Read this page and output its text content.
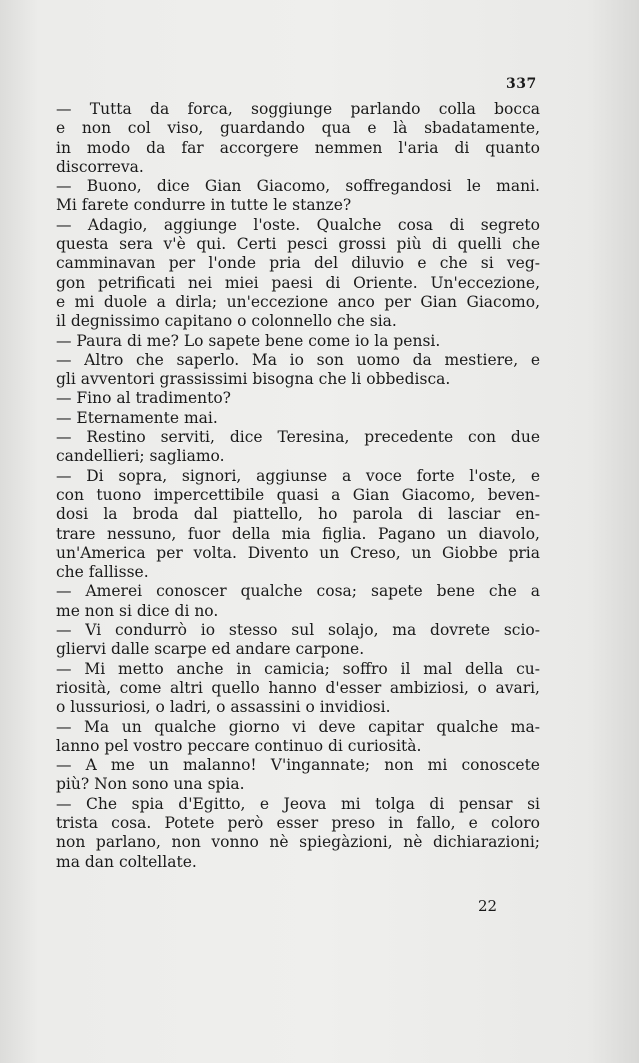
337
— Tutta da forca, soggiunge parlando colla bocca
e non col viso, guardando qua e là sbadatamente,
in modo da far accorgere nemmen l'aria di quanto
discorreva.
— Buono, dice Gian Giacomo, soffregandosi le mani.
Mi farete condurre in tutte le stanze?
— Adagio, aggiunge l'oste. Qualche cosa di segreto
questa sera v'è qui. Certi pesci grossi più di quelli che
camminavan per l'onde pria del diluvio e che si veg-
gon petrificati nei miei paesi di Oriente. Un'eccezione,
e mi duole a dirla; un'eccezione anco per Gian Giacomo,
il degnissimo capitano o colonnello che sia.
— Paura di me? Lo sapete bene come io la pensi.
— Altro che saperlo. Ma io son uomo da mestiere, e
gli avventori grassissimi bisogna che li obbedisca.
— Fino al tradimento?
— Eternamente mai.
— Restino serviti, dice Teresina, precedente con due
candellieri; sagliamo.
— Di sopra, signori, aggiunse a voce forte l'oste, e
con tuono impercettibile quasi a Gian Giacomo, beven-
dosi la broda dal piattello, ho parola di lasciar en-
trare nessuno, fuor della mia figlia. Pagano un diavolo,
un'America per volta. Divento un Creso, un Giobbe pria
che fallisse.
— Amerei conoscer qualche cosa; sapete bene che a
me non si dice di no.
— Vi condurrò io stesso sul solajo, ma dovrete scio-
gliervi dalle scarpe ed andare carpone.
— Mi metto anche in camicia; soffro il mal della cu-
riosità, come altri quello hanno d'esser ambiziosi, o avari,
o lussuriosi, o ladri, o assassini o invidiosi.
— Ma un qualche giorno vi deve capitar qualche ma-
lanno pel vostro peccare continuo di curiosità.
— A me un malanno! V'ingannate; non mi conoscete
più? Non sono una spia.
— Che spia d'Egitto, e Jeova mi tolga di pensar si
trista cosa. Potete però esser preso in fallo, e coloro
non parlano, non vonno nè spiegàzioni, nè dichiarazioni;
ma dan coltellate.
22
